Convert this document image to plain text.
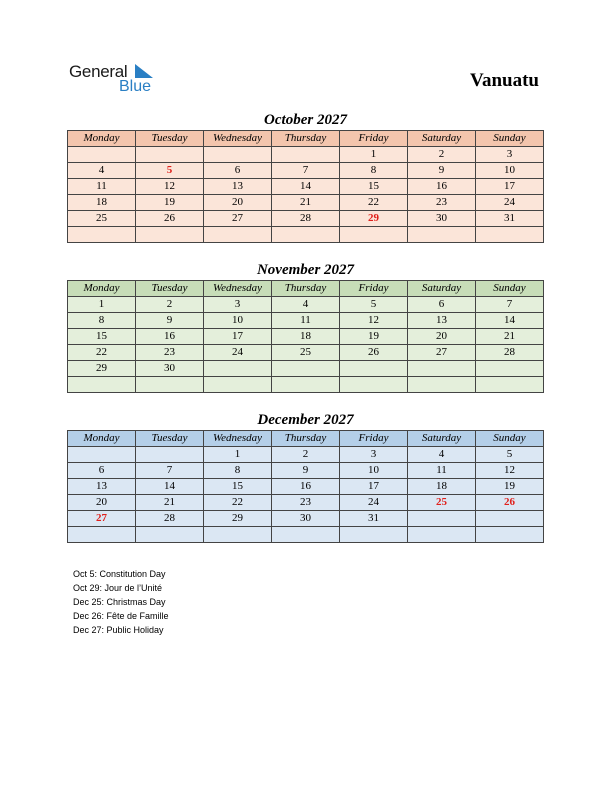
General
Blue	Vanuatu
October 2027
Monday	Tuesday	Wednesday	Thursday	Friday	Saturday	Sunday
				1	2	3
4	5	6	7	8	9	10
11	12	13	14	15	16	17
18	19	20	21	22	23	24
25	26	27	28	29	30	31

November 2027
Monday	Tuesday	Wednesday	Thursday	Friday	Saturday	Sunday
1	2	3	4	5	6	7
8	9	10	11	12	13	14
15	16	17	18	19	20	21
22	23	24	25	26	27	28
29	30					

December 2027
Monday	Tuesday	Wednesday	Thursday	Friday	Saturday	Sunday
		1	2	3	4	5
6	7	8	9	10	11	12
13	14	15	16	17	18	19
20	21	22	23	24	25	26
27	28	29	30	31		

Oct 5: Constitution Day
Oct 29: Jour de l’Unité
Dec 25: Christmas Day
Dec 26: Fête de Famille
Dec 27: Public Holiday
